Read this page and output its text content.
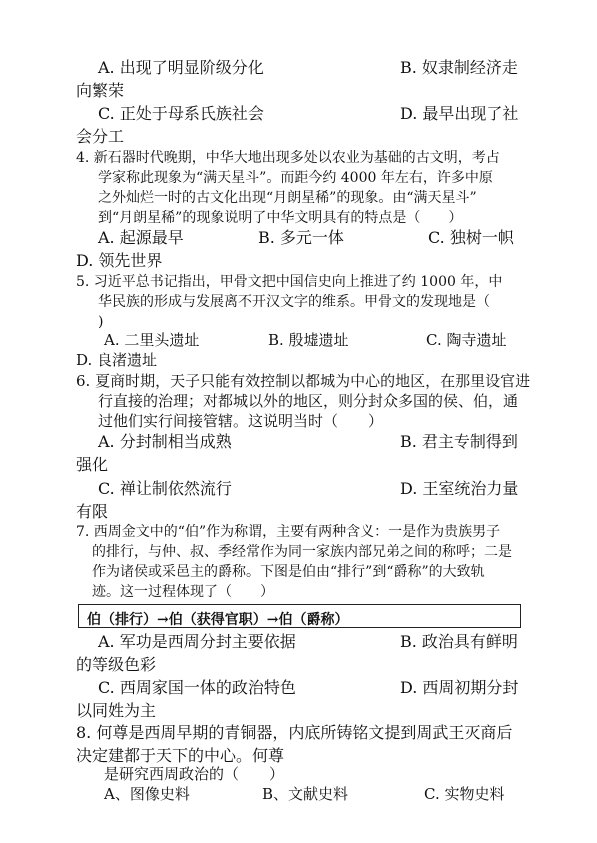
A. 出现了明显阶级分化	B. 奴隶制经济走
向繁荣
C. 正处于母系氏族社会	D. 最早出现了社
会分工
4. 新石器时代晚期，中华大地出现多处以农业为基础的古文明，考占
学家称此现象为“满天星斗”。而距今约 4000 年左右，许多中原
之外灿烂一时的古文化出现“月朗星稀”的现象。由“满天星斗”
到“月朗星稀”的现象说明了中华文明具有的特点是（　　）
A. 起源最早	B. 多元一体	C. 独树一帜
D. 领先世界
5. 习近平总书记指出，甲骨文把中国信史向上推进了约 1000 年，中
华民族的形成与发展离不开汉文字的维系。甲骨文的发现地是（
)
A. 二里头遗址	B. 殷墟遗址	C. 陶寺遗址
D. 良渚遗址
6. 夏商时期，天子只能有效控制以都城为中心的地区，在那里设官进
行直接的治理；对都城以外的地区，则分封众多国的侯、伯，通
过他们实行间接管辖。这说明当时（　　）
A. 分封制相当成熟	B. 君主专制得到
强化
C. 禅让制依然流行	D. 王室统治力量
有限
7. 西周金文中的“伯”作为称谓，主要有两种含义：一是作为贵族男子
的排行，与仲、叔、季经常作为同一家族内部兄弟之间的称呼；二是
作为诸侯或采邑主的爵称。下图是伯由“排行”到“爵称”的大致轨
迹。这一过程体现了（　　）
伯（排行）→伯（获得官职）→伯（爵称）
A. 军功是西周分封主要依据	B. 政治具有鲜明
的等级色彩
C. 西周家国一体的政治特色	D. 西周初期分封
以同姓为主
8. 何尊是西周早期的青铜器，内底所铸铭文提到周武王灭商后
决定建都于天下的中心。何尊
是研究西周政治的（　　）
A、图像史料	B、文献史料	C. 实物史料
